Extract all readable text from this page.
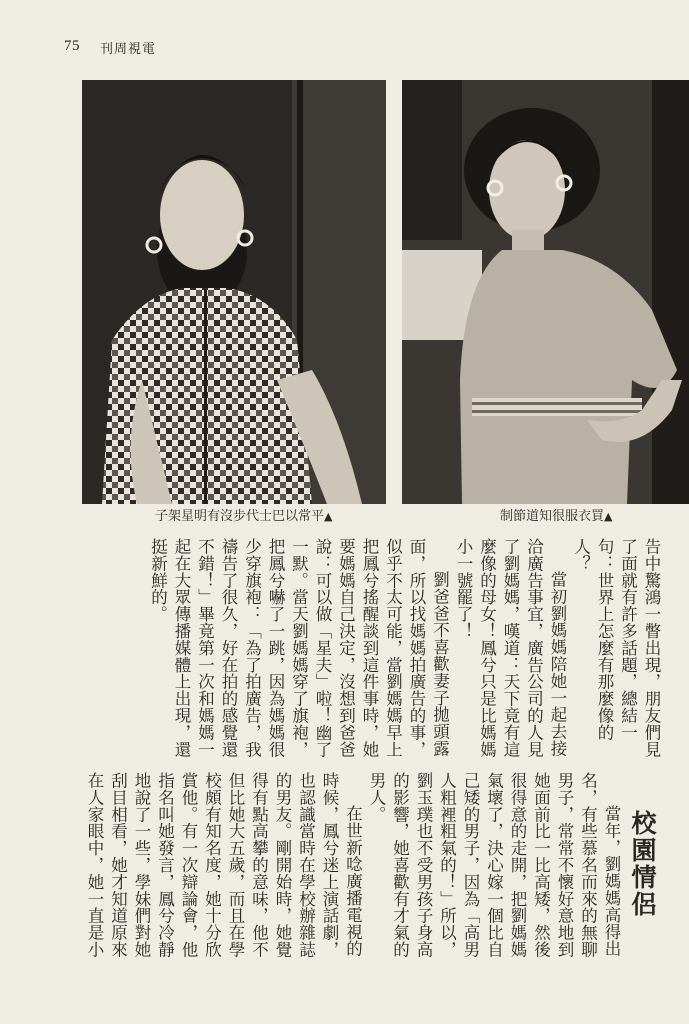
75 刊周視電
子架星明有沒步代士巴以常平▲	制節道知很服衣買▲

告中驚鴻一瞥出現，朋友們見了面就有許多話題，總結一句：世界上怎麼有那麼像的人？

當初劉媽媽陪她一起去接洽廣告事宜，廣告公司的人見了劉媽媽，嘆道：天下竟有這麼像的母女！鳳兮只是比媽媽小一號罷了！

劉爸爸不喜歡妻子拋頭露面，所以找媽媽拍廣告的事，似乎不太可能，當劉媽媽早上把鳳兮搖醒談到這件事時，她要媽媽自己決定，沒想到爸爸說：可以做「星夫」啦！幽了一默。當天劉媽媽穿了旗袍，把鳳兮嚇了一跳，因為媽媽很少穿旗袍：「為了拍廣告，我禱告了很久，好在拍的感覺還不錯！」畢竟第一次和媽媽一起在大眾傳播媒體上出現，還挺新鮮的。

校園情侶

當年，劉媽媽高得出名，有些慕名而來的無聊男子，常常不懷好意地到她面前比一比高矮，然後很得意的走開，把劉媽媽氣壞了，決心嫁一個比自己矮的男子，因為「高男人粗裡粗氣的！」所以，劉玉璞也不受男孩子身高的影響，她喜歡有才氣的男人。

在世新唸廣播電視的時候，鳳兮迷上演話劇，也認識當時在學校辦雜誌的男友。剛開始時，她覺得有點高攀的意味，他不但比她大五歲，而且在學校頗有知名度，她十分欣賞他。有一次辯論會，他指名叫她發言，鳳兮冷靜地說了一些，學妹們對她刮目相看，她才知道原來在人家眼中，她一直是小
